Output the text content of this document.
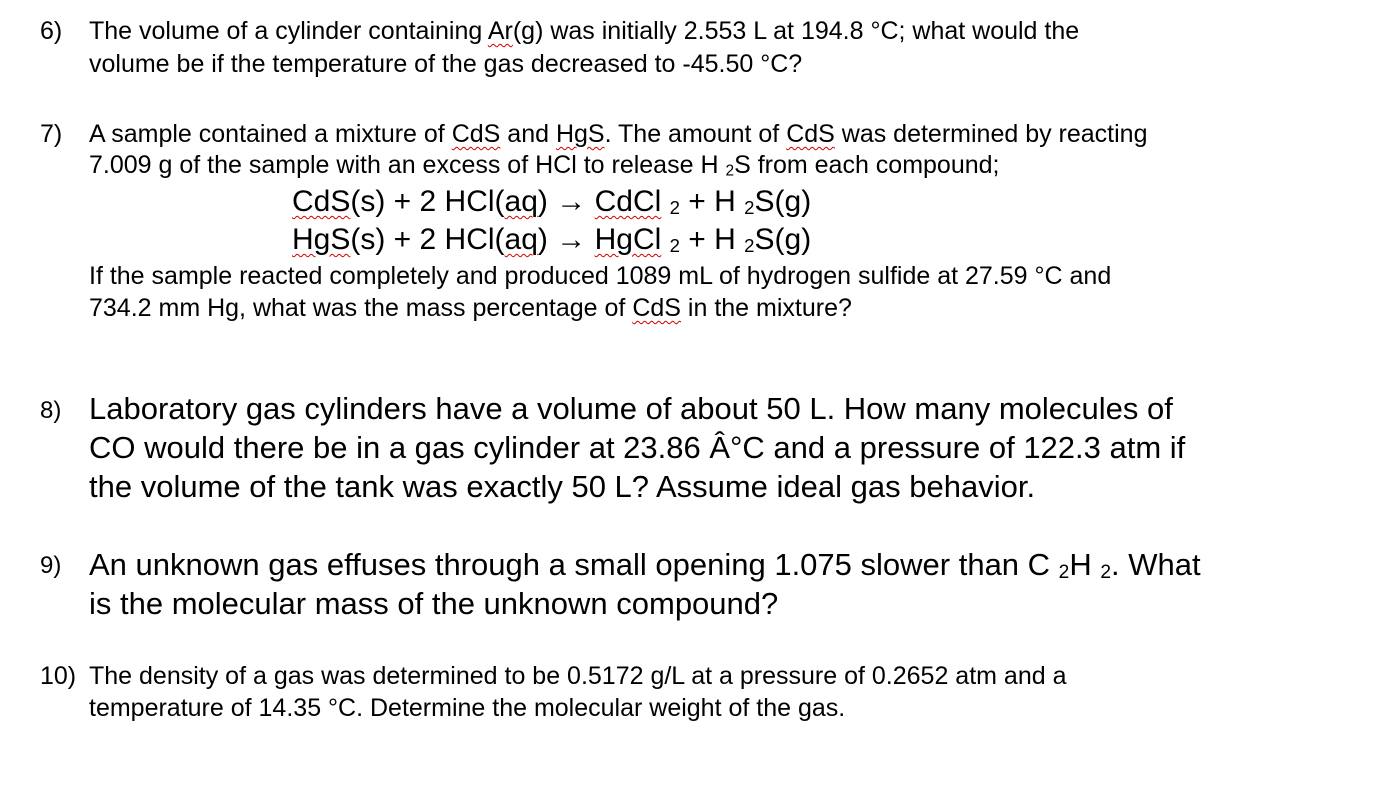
6) The volume of a cylinder containing Ar(g) was initially 2.553 L at 194.8 °C; what would the
volume be if the temperature of the gas decreased to -45.50 °C?
7) A sample contained a mixture of CdS and HgS. The amount of CdS was determined by reacting
7.009 g of the sample with an excess of HCl to release H $_2$S from each compound;
CdS(s) + 2 HCl(aq) → CdCl $_2$ + H $_2$S(g)
HgS(s) + 2 HCl(aq) → HgCl $_2$ + H $_2$S(g)
If the sample reacted completely and produced 1089 mL of hydrogen sulfide at 27.59 °C and
734.2 mm Hg, what was the mass percentage of CdS in the mixture?
8) Laboratory gas cylinders have a volume of about 50 L. How many molecules of
CO would there be in a gas cylinder at 23.86 Â°C and a pressure of 122.3 atm if
the volume of the tank was exactly 50 L? Assume ideal gas behavior.
9) An unknown gas effuses through a small opening 1.075 slower than C $_2$H $_2$. What
is the molecular mass of the unknown compound?
10) The density of a gas was determined to be 0.5172 g/L at a pressure of 0.2652 atm and a
temperature of 14.35 °C. Determine the molecular weight of the gas.
